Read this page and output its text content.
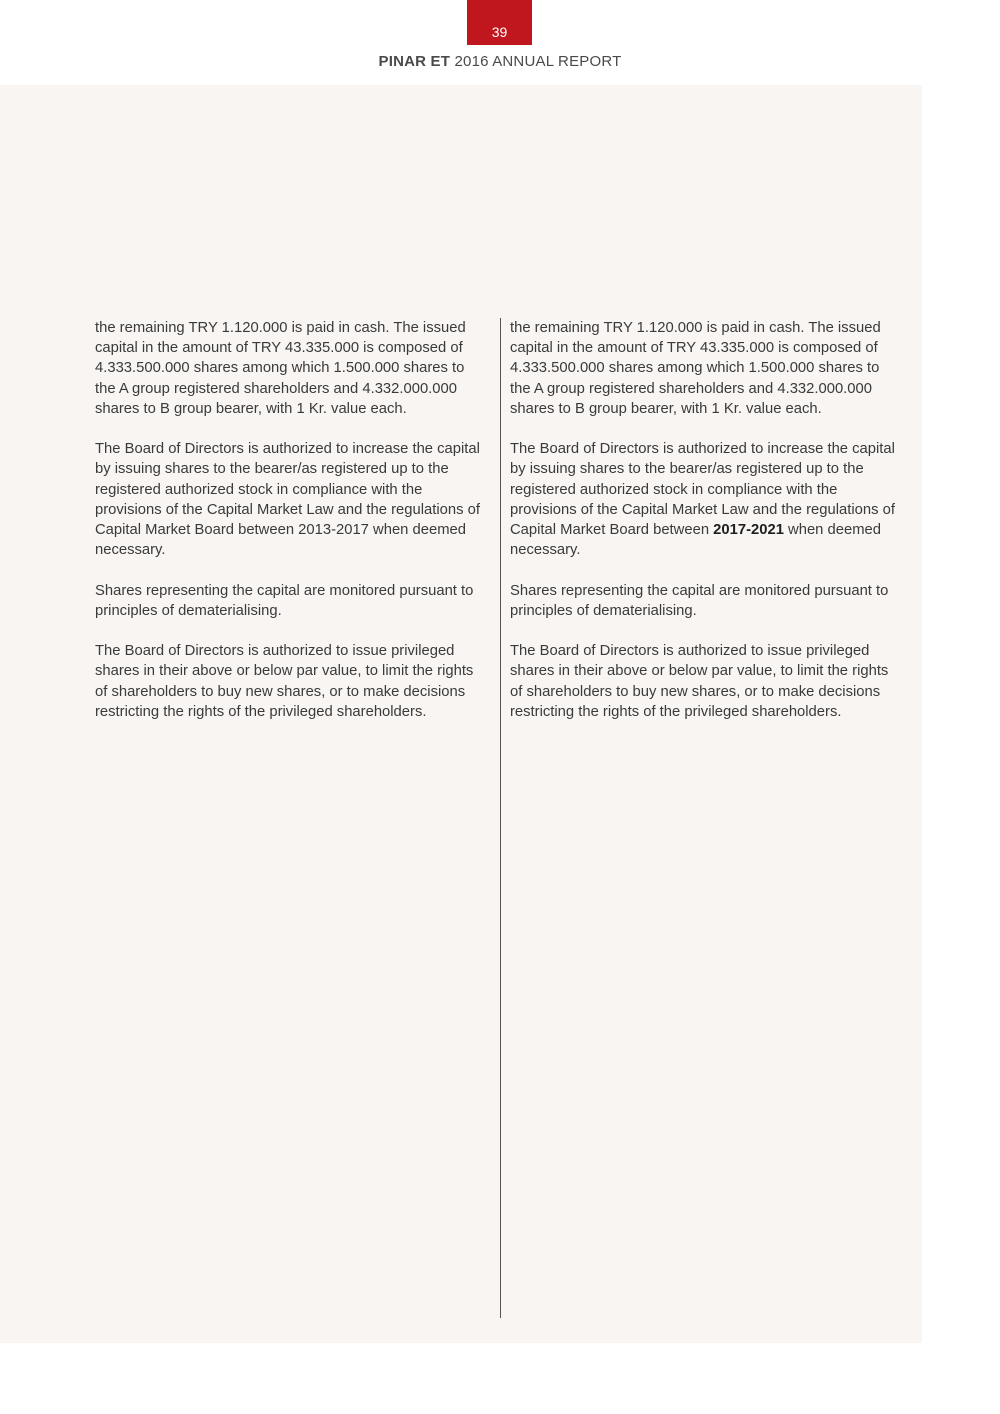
39
PINAR ET 2016 ANNUAL REPORT

the remaining TRY 1.120.000 is paid in cash. The issued capital in the amount of TRY 43.335.000 is composed of 4.333.500.000 shares among which 1.500.000 shares to the A group registered shareholders and 4.332.000.000 shares to B group bearer, with 1 Kr. value each.

The Board of Directors is authorized to increase the capital by issuing shares to the bearer/as registered up to the registered authorized stock in compliance with the provisions of the Capital Market Law and the regulations of Capital Market Board between 2013-2017 when deemed necessary.

Shares representing the capital are monitored pursuant to principles of dematerialising.

The Board of Directors is authorized to issue privileged shares in their above or below par value, to limit the rights of shareholders to buy new shares, or to make decisions restricting the rights of the privileged shareholders.

the remaining TRY 1.120.000 is paid in cash. The issued capital in the amount of TRY 43.335.000 is composed of 4.333.500.000 shares among which 1.500.000 shares to the A group registered shareholders and 4.332.000.000 shares to B group bearer, with 1 Kr. value each.

The Board of Directors is authorized to increase the capital by issuing shares to the bearer/as registered up to the registered authorized stock in compliance with the provisions of the Capital Market Law and the regulations of Capital Market Board between 2017-2021 when deemed necessary.

Shares representing the capital are monitored pursuant to principles of dematerialising.

The Board of Directors is authorized to issue privileged shares in their above or below par value, to limit the rights of shareholders to buy new shares, or to make decisions restricting the rights of the privileged shareholders.
